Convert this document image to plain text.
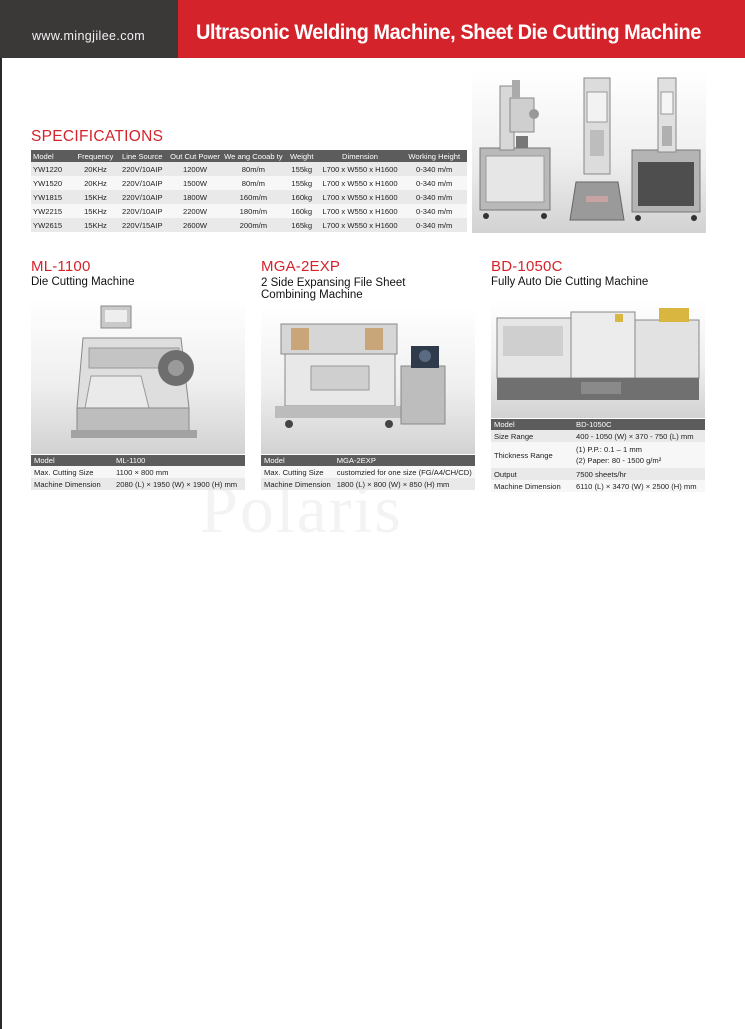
www.mingjilee.com Ultrasonic Welding Machine, Sheet Die Cutting Machine
SPECIFICATIONS
Model	Frequency	Line Source	Out Cut Power	We ang Cooab ty	Weight	Dimension	Working Height
YW1220	20KHz	220V/10AIP	1200W	80m/m	155kg	L700 x W550 x H1600	0-340 m/m
YW1520	20KHz	220V/10AIP	1500W	80m/m	155kg	L700 x W550 x H1600	0-340 m/m
YW1815	15KHz	220V/10AIP	1800W	160m/m	160kg	L700 x W550 x H1600	0-340 m/m
YW2215	15KHz	220V/10AIP	2200W	180m/m	160kg	L700 x W550 x H1600	0-340 m/m
YW2615	15KHz	220V/15AIP	2600W	200m/m	165kg	L700 x W550 x H1600	0-340 m/m
ML-1100
Die Cutting Machine
Model	ML-1100
Max. Cutting Size	1100 × 800 mm
Machine Dimension	2080 (L) × 1950 (W) × 1900 (H) mm
MGA-2EXP
2 Side Expansing File Sheet Combining Machine
Model	MGA-2EXP
Max. Cutting Size	customzied for one size (FG/A4/CH/CD)
Machine Dimension	1800 (L) × 800 (W) × 850 (H) mm
BD-1050C
Fully Auto Die Cutting Machine
Model	BD-1050C
Size Range	400 - 1050 (W) × 370 - 750 (L) mm
Thickness Range	(1) P.P.: 0.1 – 1 mm
(2) Paper: 80 - 1500 g/m²

Output	7500 sheets/hr
Machine Dimension	6110 (L) × 3470 (W) × 2500 (H) mm
